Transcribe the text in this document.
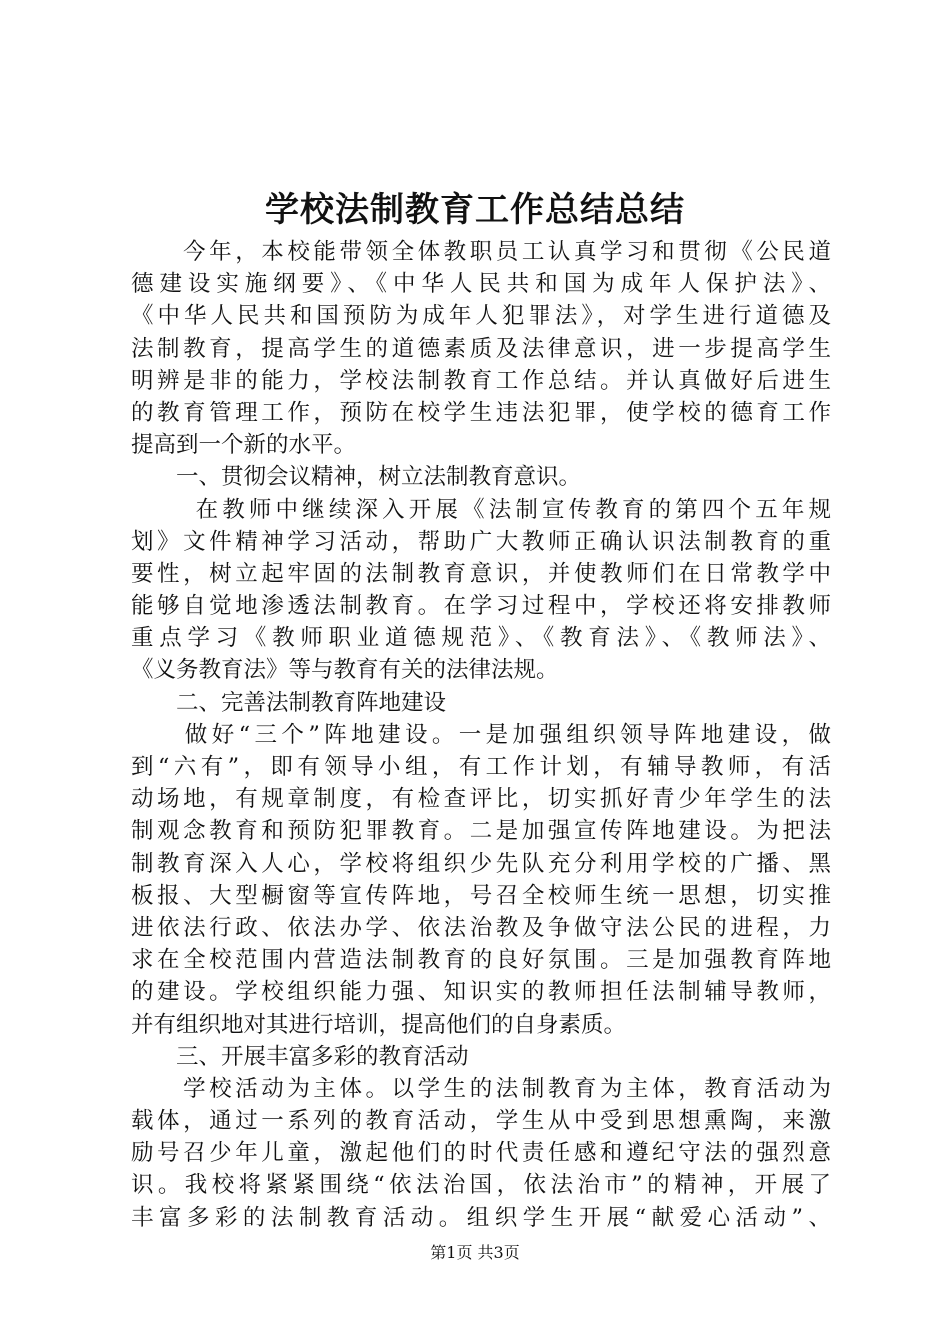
学校法制教育工作总结总结
　　今年，本校能带领全体教职员工认真学习和贯彻《公民道
德建设实施纲要》、《中华人民共和国为成年人保护法》、
《中华人民共和国预防为成年人犯罪法》，对学生进行道德及
法制教育，提高学生的道德素质及法律意识，进一步提高学生
明辨是非的能力，学校法制教育工作总结。并认真做好后进生
的教育管理工作，预防在校学生违法犯罪，使学校的德育工作
提高到一个新的水平。
　　一、贯彻会议精神，树立法制教育意识。
　　 在教师中继续深入开展《法制宣传教育的第四个五年规
划》文件精神学习活动，帮助广大教师正确认识法制教育的重
要性，树立起牢固的法制教育意识，并使教师们在日常教学中
能够自觉地渗透法制教育。在学习过程中，学校还将安排教师
重点学习《教师职业道德规范》、《教育法》、《教师法》、
《义务教育法》等与教育有关的法律法规。
　　二、完善法制教育阵地建设
　　做好“三个”阵地建设。一是加强组织领导阵地建设，做
到“六有”，即有领导小组，有工作计划，有辅导教师，有活
动场地，有规章制度，有检查评比，切实抓好青少年学生的法
制观念教育和预防犯罪教育。二是加强宣传阵地建设。为把法
制教育深入人心，学校将组织少先队充分利用学校的广播、黑
板报、大型橱窗等宣传阵地，号召全校师生统一思想，切实推
进依法行政、依法办学、依法治教及争做守法公民的进程，力
求在全校范围内营造法制教育的良好氛围。三是加强教育阵地
的建设。学校组织能力强、知识实的教师担任法制辅导教师，
并有组织地对其进行培训，提高他们的自身素质。
　　三、开展丰富多彩的教育活动
　　学校活动为主体。以学生的法制教育为主体，教育活动为
载体，通过一系列的教育活动，学生从中受到思想熏陶，来激
励号召少年儿童，激起他们的时代责任感和遵纪守法的强烈意
识。我校将紧紧围绕“依法治国，依法治市”的精神，开展了
丰富多彩的法制教育活动。组织学生开展“献爱心活动”、
第1页 共3页
